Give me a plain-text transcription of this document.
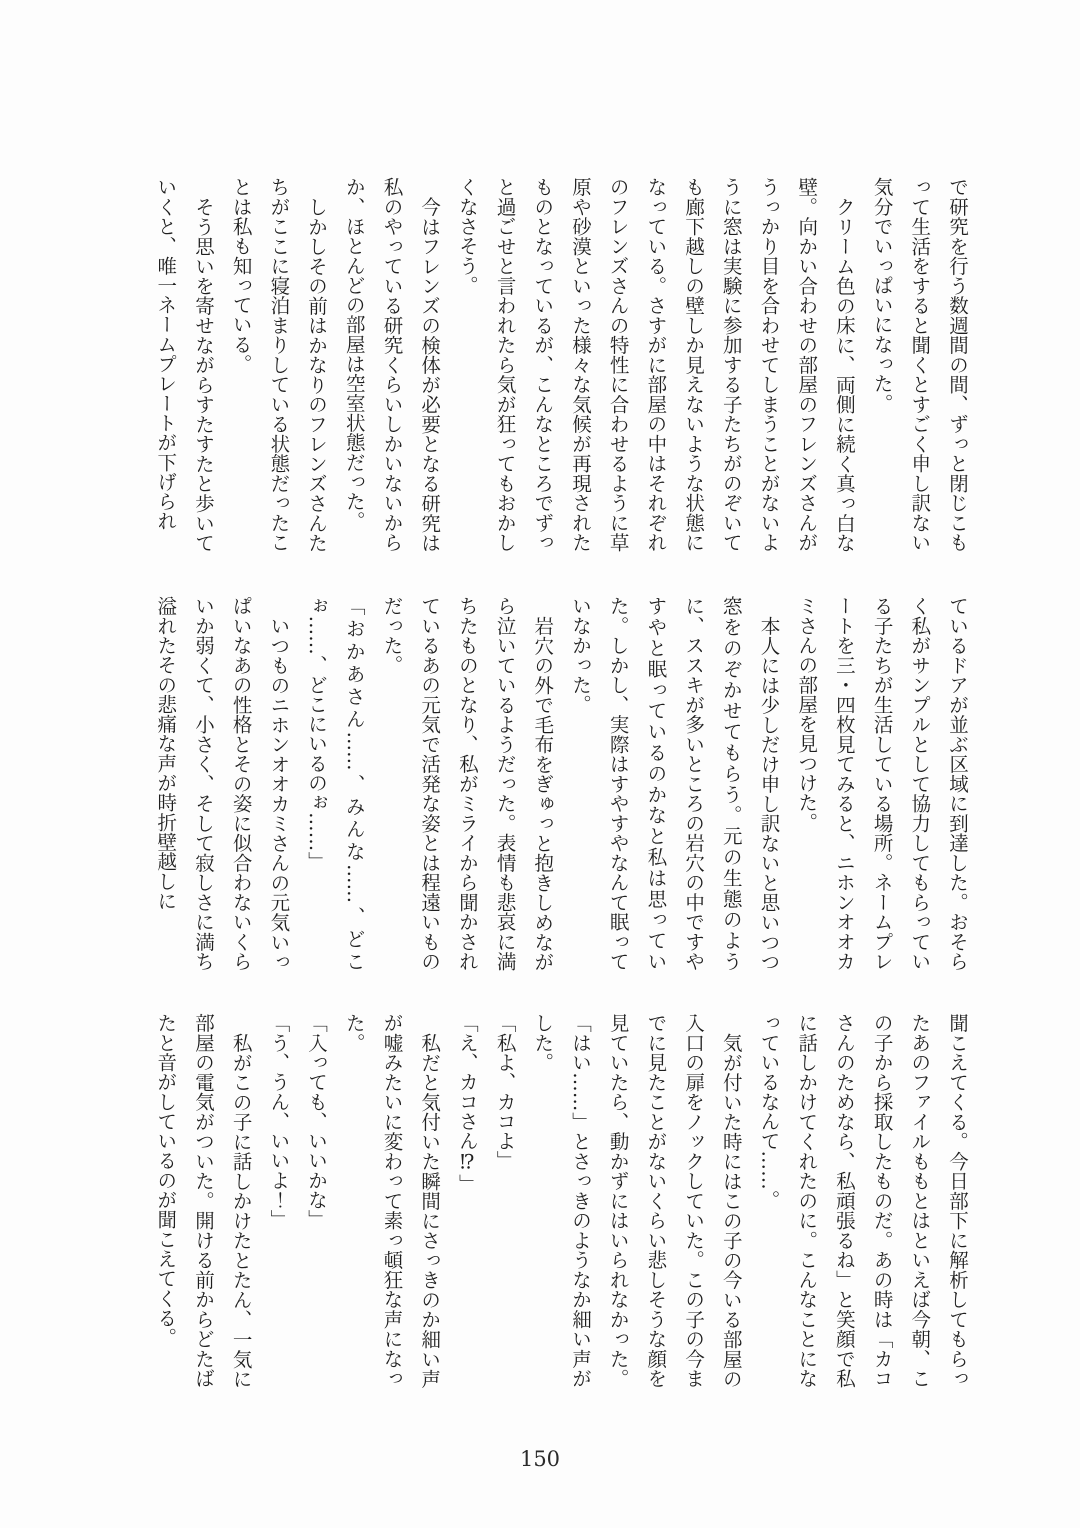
で研究を行う数週間の間、ずっと閉じこもって生活をすると聞くとすごく申し訳ない気分でいっぱいになった。

クリーム色の床に、両側に続く真っ白な壁。向かい合わせの部屋のフレンズさんがうっかり目を合わせてしまうことがないように窓は実験に参加する子たちがのぞいても廊下越しの壁しか見えないような状態になっている。さすがに部屋の中はそれぞれのフレンズさんの特性に合わせるように草原や砂漠といった様々な気候が再現されたものとなっているが、こんなところでずっと過ごせと言われたら気が狂ってもおかしくなさそう。

今はフレンズの検体が必要となる研究は私のやっている研究くらいしかいないからか、ほとんどの部屋は空室状態だった。

しかしその前はかなりのフレンズさんたちがここに寝泊まりしている状態だったことは私も知っている。

そう思いを寄せながらすたすたと歩いていくと、唯一ネームプレートが下げられ

ているドアが並ぶ区域に到達した。おそらく私がサンプルとして協力してもらっている子たちが生活している場所。ネームプレートを三・四枚見てみると、ニホンオオカミさんの部屋を見つけた。

本人には少しだけ申し訳ないと思いつつ窓をのぞかせてもらう。元の生態のように、ススキが多いところの岩穴の中ですやすやと眠っているのかなと私は思っていた。しかし、実際はすやすやなんて眠っていなかった。

岩穴の外で毛布をぎゅっと抱きしめながら泣いているようだった。表情も悲哀に満ちたものとなり、私がミライから聞かされているあの元気で活発な姿とは程遠いものだった。

「おかあさん……、みんな……、どこぉ……、どこにいるのぉ……」

いつものニホンオオカミさんの元気いっぱいなあの性格とその姿に似合わないくらいか弱くて、小さく、そして寂しさに満ち溢れたその悲痛な声が時折壁越しに

聞こえてくる。今日部下に解析してもらったあのファイルももとはといえば今朝、この子から採取したものだ。あの時は「カコさんのためなら、私頑張るね」と笑顔で私に話しかけてくれたのに。こんなことになっているなんて……。

気が付いた時にはこの子の今いる部屋の入口の扉をノックしていた。この子の今までに見たことがないくらい悲しそうな顔を見ていたら、動かずにはいられなかった。「はい……」とさっきのようなか細い声がした。

「私よ、カコよ」

「え、カコさん⁉」

私だと気付いた瞬間にさっきのか細い声が嘘みたいに変わって素っ頓狂な声になった。

「入っても、いいかな」

「う、うん、いいよ！」

私がこの子に話しかけたとたん、一気に部屋の電気がついた。開ける前からどたばたと音がしているのが聞こえてくる。

150
